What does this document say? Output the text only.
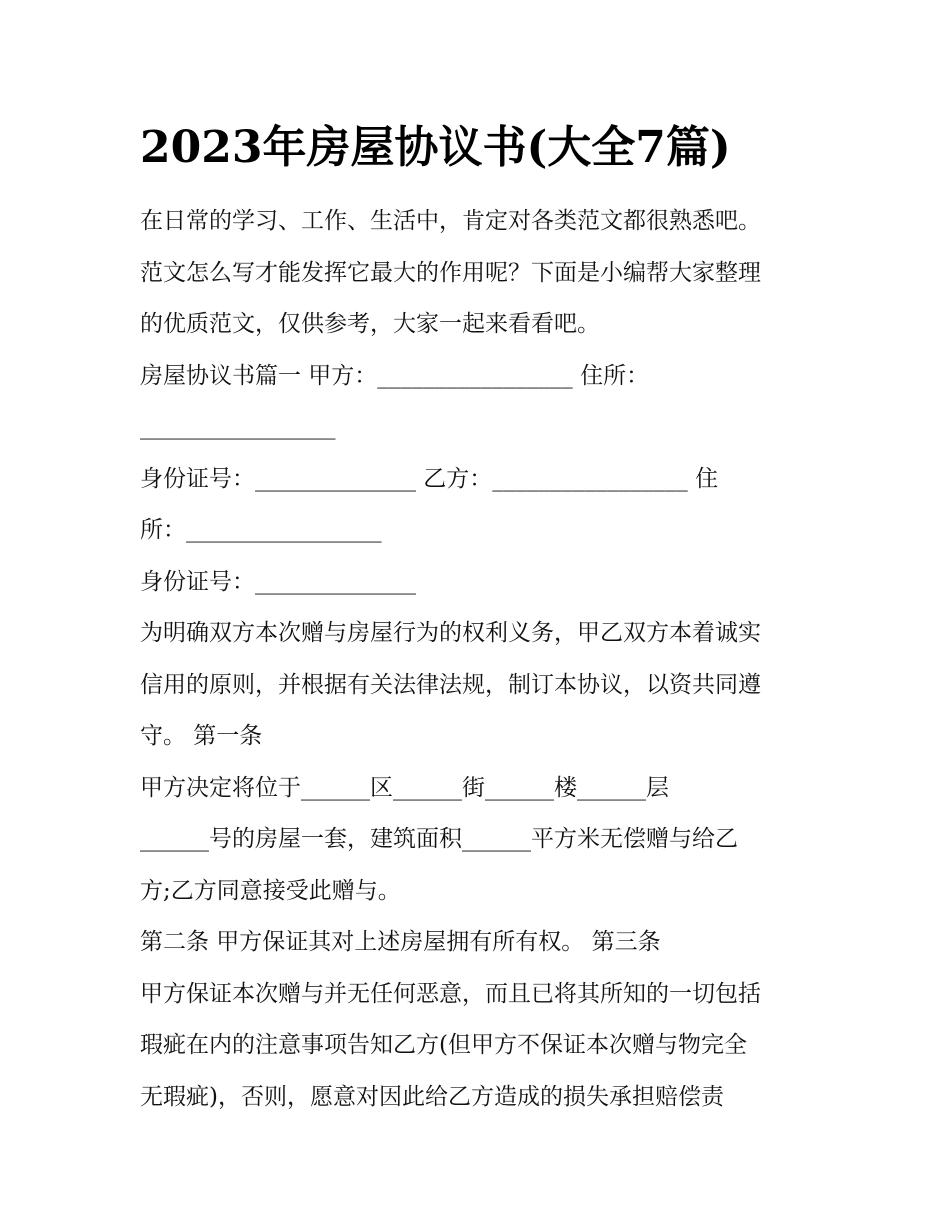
2023年房屋协议书(大全7篇)
在日常的学习、工作、生活中，肯定对各类范文都很熟悉吧。
范文怎么写才能发挥它最大的作用呢？下面是小编帮大家整理
的优质范文，仅供参考，大家一起来看看吧。
房屋协议书篇一 甲方：_________________ 住所：
_________________
身份证号：______________ 乙方：_________________ 住
所：_________________
身份证号：______________
为明确双方本次赠与房屋行为的权利义务，甲乙双方本着诚实
信用的原则，并根据有关法律法规，制订本协议，以资共同遵
守。 第一条
甲方决定将位于______区______街______楼______层
______号的房屋一套，建筑面积______平方米无偿赠与给乙
方;乙方同意接受此赠与。
第二条 甲方保证其对上述房屋拥有所有权。 第三条
甲方保证本次赠与并无任何恶意，而且已将其所知的一切包括
瑕疵在内的注意事项告知乙方(但甲方不保证本次赠与物完全
无瑕疵)，否则，愿意对因此给乙方造成的损失承担赔偿责
